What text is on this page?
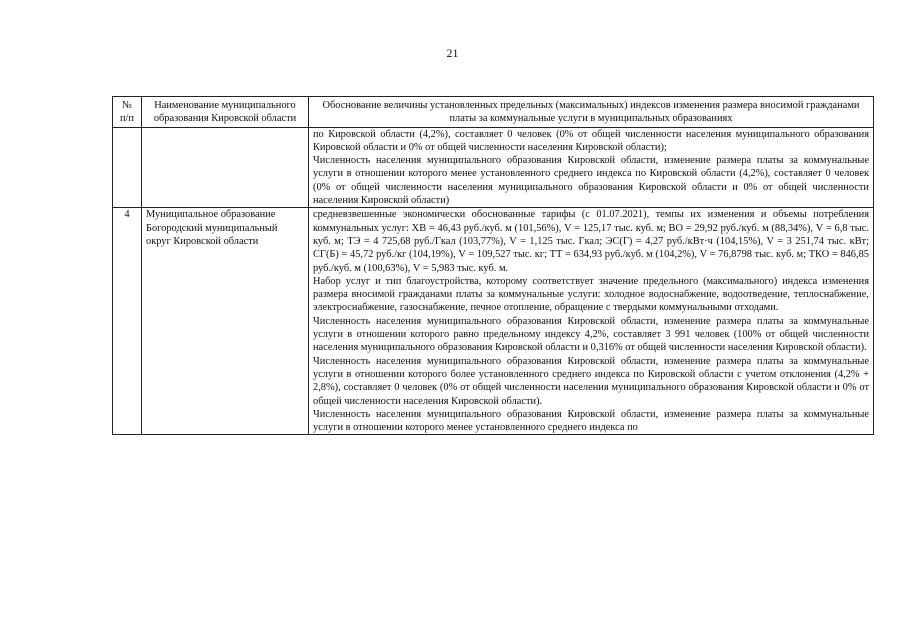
21
№ п/п	Наименование муниципального образования Кировской области	Обоснование величины установленных предельных (максимальных) индексов изменения размера вносимой гражданами платы за коммунальные услуги в муниципальных образованиях

		по Кировской области (4,2%), составляет 0 человек (0% от общей численности населения муниципального образования Кировской области и 0% от общей численности населения Кировской области);

Численность населения муниципального образования Кировской области, изменение размера платы за коммунальные услуги в отношении которого менее установленного среднего индекса по Кировской области (4,2%), составляет 0 человек (0% от общей численности населения муниципального образования Кировской области и 0% от общей численности населения Кировской области)

4	Муниципальное образование Богородский муниципальный округ Кировской области	средневзвешенные экономически обоснованные тарифы (с 01.07.2021), темпы их изменения и объемы потребления коммунальных услуг: ХВ = 46,43 руб./куб. м (101,56%), V = 125,17 тыс. куб. м; ВО = 29,92 руб./куб. м (88,34%), V = 6,8 тыс. куб. м; ТЭ = 4 725,68 руб./Гкал (103,77%), V = 1,125 тыс. Гкал; ЭС(Г) = 4,27 руб./кВт·ч (104,15%), V = 3 251,74 тыс. кВт; СГ(Б) = 45,72 руб./кг (104,19%), V = 109,527 тыс. кг; ТТ = 634,93 руб./куб. м (104,2%), V = 76,8798 тыс. куб. м; ТКО = 846,85 руб./куб. м (100,63%), V = 5,983 тыс. куб. м.

Набор услуг и тип благоустройства, которому соответствует значение предельного (максимального) индекса изменения размера вносимой гражданами платы за коммунальные услуги: холодное водоснабжение, водоотведение, теплоснабжение, электроснабжение, газоснабжение, печное отопление, обращение с твердыми коммунальными отходами.

Численность населения муниципального образования Кировской области, изменение размера платы за коммунальные услуги в отношении которого равно предельному индексу 4,2%, составляет 3 991 человек (100% от общей численности населения муниципального образования Кировской области и 0,316% от общей численности населения Кировской области).

Численность населения муниципального образования Кировской области, изменение размера платы за коммунальные услуги в отношении которого более установленного среднего индекса по Кировской области с учетом отклонения (4,2% + 2,8%), составляет 0 человек (0% от общей численности населения муниципального образования Кировской области и 0% от общей численности населения Кировской области).

Численность населения муниципального образования Кировской области, изменение размера платы за коммунальные услуги в отношении которого менее установленного среднего индекса по
